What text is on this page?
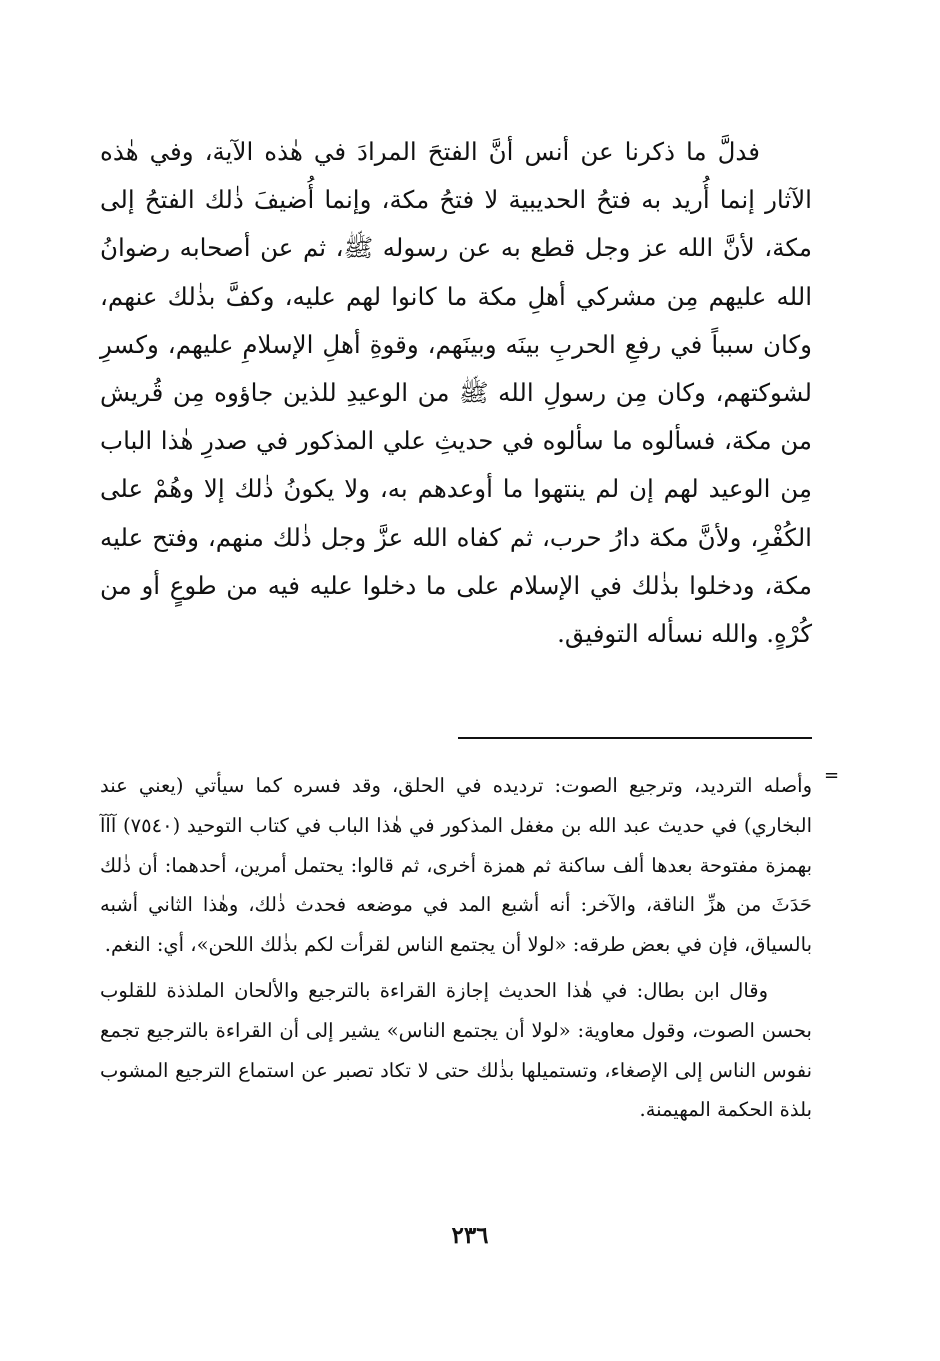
فدلَّ ما ذكرنا عن أنس أنَّ الفتحَ المرادَ في هٰذه الآية، وفي هٰذه الآثار إنما أُريد به فتحُ الحديبية لا فتحُ مكة، وإنما أُضيفَ ذٰلك الفتحُ إلى مكة، لأنَّ الله عز وجل قطع به عن رسوله ﷺ، ثم عن أصحابه رضوانُ الله عليهم مِن مشركي أهلِ مكة ما كانوا لهم عليه، وكفَّ بذٰلك عنهم، وكان سبباً في رفعِ الحربِ بينَه وبينَهم، وقوةِ أهلِ الإسلامِ عليهم، وكسرِ لشوكتهم، وكان مِن رسولِ الله ﷺ من الوعيدِ للذين جاؤوه مِن قُريش من مكة، فسألوه ما سألوه في حديثِ علي المذكور في صدرِ هٰذا الباب مِن الوعيد لهم إن لم ينتهوا ما أوعدهم به، ولا يكونُ ذٰلك إلا وهُمْ على الكُفْرِ، ولأنَّ مكة دارُ حرب، ثم كفاه الله عزَّ وجل ذٰلك منهم، وفتح عليه مكة، ودخلوا بذٰلك في الإسلام على ما دخلوا عليه فيه من طوعٍ أو من كُرْهٍ. والله نسأله التوفيق.

=

وأصله الترديد، وترجيع الصوت: ترديده في الحلق، وقد فسره كما سيأتي (يعني عند البخاري) في حديث عبد الله بن مغفل المذكور في هٰذا الباب في كتاب التوحيد (٧٥٤٠) آآآ بهمزة مفتوحة بعدها ألف ساكنة ثم همزة أخرى، ثم قالوا: يحتمل أمرين، أحدهما: أن ذٰلك حَدَثَ من هزِّ الناقة، والآخر: أنه أشبع المد في موضعه فحدث ذٰلك، وهٰذا الثاني أشبه بالسياق، فإن في بعض طرقه: «لولا أن يجتمع الناس لقرأت لكم بذٰلك اللحن»، أي: النغم.

وقال ابن بطال: في هٰذا الحديث إجازة القراءة بالترجيع والألحان الملذذة للقلوب بحسن الصوت، وقول معاوية: «لولا أن يجتمع الناس» يشير إلى أن القراءة بالترجيع تجمع نفوس الناس إلى الإصغاء، وتستميلها بذٰلك حتى لا تكاد تصبر عن استماع الترجيع المشوب بلذة الحكمة المهيمنة.

٢٣٦
